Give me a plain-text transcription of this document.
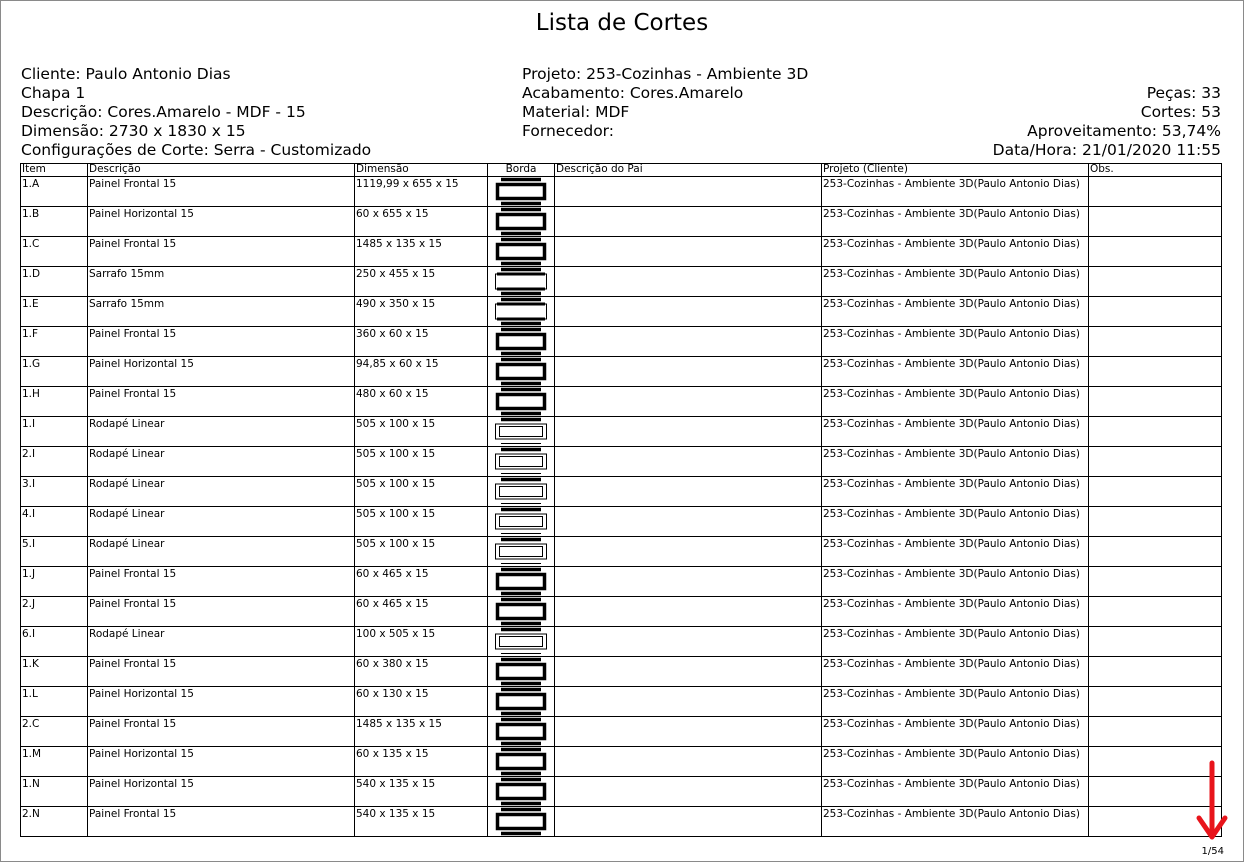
Lista de Cortes
Cliente: Paulo Antonio Dias
Chapa 1
Descrição: Cores.Amarelo - MDF - 15
Dimensão: 2730 x 1830 x 15
Configurações de Corte: Serra - Customizado
Projeto: 253-Cozinhas - Ambiente 3D
Acabamento: Cores.Amarelo
Material: MDF
Fornecedor:
Peças: 33
Cortes: 53
Aproveitamento: 53,74%
Data/Hora: 21/01/2020 11:55
Item	Descrição	Dimensão	Borda	Descrição do Pai	Projeto (Cliente)	Obs.
1.A	Painel Frontal 15	1119,99 x 655 x 15			253-Cozinhas - Ambiente 3D(Paulo Antonio Dias)	
1.B	Painel Horizontal 15	60 x 655 x 15			253-Cozinhas - Ambiente 3D(Paulo Antonio Dias)	
1.C	Painel Frontal 15	1485 x 135 x 15			253-Cozinhas - Ambiente 3D(Paulo Antonio Dias)	
1.D	Sarrafo 15mm	250 x 455 x 15			253-Cozinhas - Ambiente 3D(Paulo Antonio Dias)	
1.E	Sarrafo 15mm	490 x 350 x 15			253-Cozinhas - Ambiente 3D(Paulo Antonio Dias)	
1.F	Painel Frontal 15	360 x 60 x 15			253-Cozinhas - Ambiente 3D(Paulo Antonio Dias)	
1.G	Painel Horizontal 15	94,85 x 60 x 15			253-Cozinhas - Ambiente 3D(Paulo Antonio Dias)	
1.H	Painel Frontal 15	480 x 60 x 15			253-Cozinhas - Ambiente 3D(Paulo Antonio Dias)	
1.I	Rodapé Linear	505 x 100 x 15			253-Cozinhas - Ambiente 3D(Paulo Antonio Dias)	
2.I	Rodapé Linear	505 x 100 x 15			253-Cozinhas - Ambiente 3D(Paulo Antonio Dias)	
3.I	Rodapé Linear	505 x 100 x 15			253-Cozinhas - Ambiente 3D(Paulo Antonio Dias)	
4.I	Rodapé Linear	505 x 100 x 15			253-Cozinhas - Ambiente 3D(Paulo Antonio Dias)	
5.I	Rodapé Linear	505 x 100 x 15			253-Cozinhas - Ambiente 3D(Paulo Antonio Dias)	
1.J	Painel Frontal 15	60 x 465 x 15			253-Cozinhas - Ambiente 3D(Paulo Antonio Dias)	
2.J	Painel Frontal 15	60 x 465 x 15			253-Cozinhas - Ambiente 3D(Paulo Antonio Dias)	
6.I	Rodapé Linear	100 x 505 x 15			253-Cozinhas - Ambiente 3D(Paulo Antonio Dias)	
1.K	Painel Frontal 15	60 x 380 x 15			253-Cozinhas - Ambiente 3D(Paulo Antonio Dias)	
1.L	Painel Horizontal 15	60 x 130 x 15			253-Cozinhas - Ambiente 3D(Paulo Antonio Dias)	
2.C	Painel Frontal 15	1485 x 135 x 15			253-Cozinhas - Ambiente 3D(Paulo Antonio Dias)	
1.M	Painel Horizontal 15	60 x 135 x 15			253-Cozinhas - Ambiente 3D(Paulo Antonio Dias)	
1.N	Painel Horizontal 15	540 x 135 x 15			253-Cozinhas - Ambiente 3D(Paulo Antonio Dias)	
2.N	Painel Frontal 15	540 x 135 x 15			253-Cozinhas - Ambiente 3D(Paulo Antonio Dias)	
1/54
